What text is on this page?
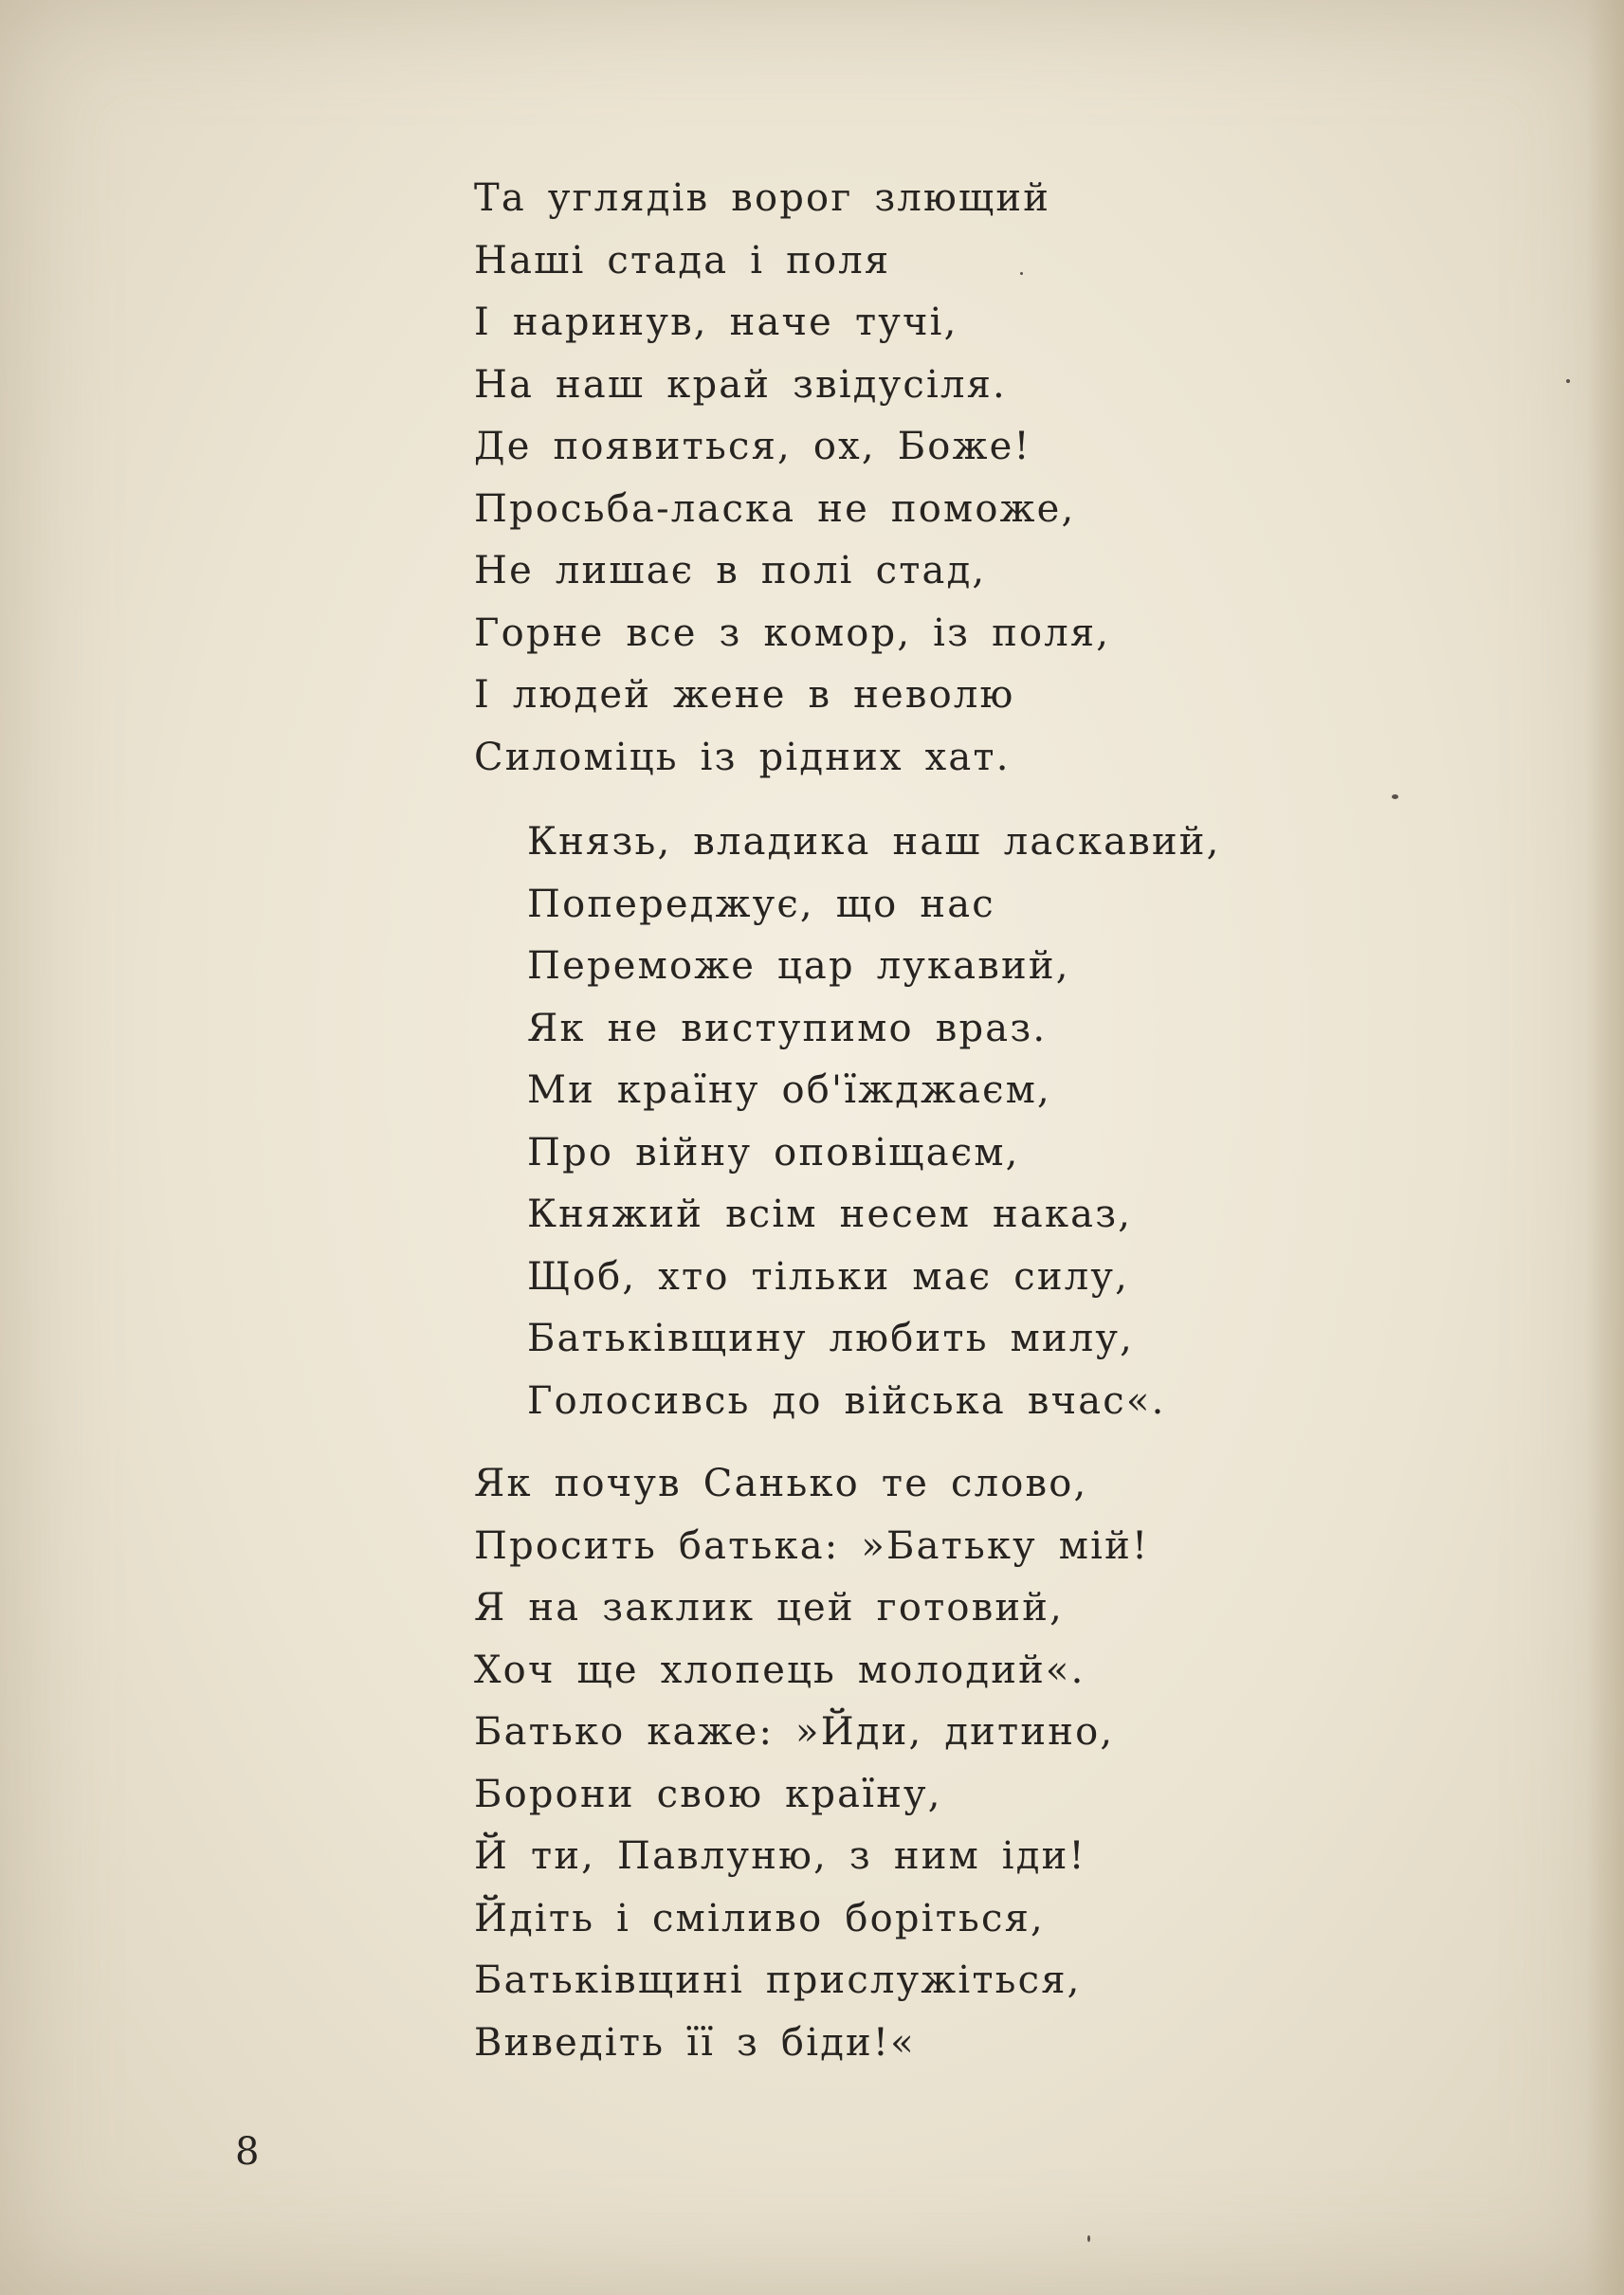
Та углядів ворог злющий
Наші стада і поля
І наринув, наче тучі,
На наш край звідусіля.
Де появиться, ох, Боже!
Просьба-ласка не поможе,
Не лишає в полі стад,
Горне все з комор, із поля,
І людей жене в неволю
Силоміць із рідних хат.
Князь, владика наш ласкавий,
Попереджує, що нас
Переможе цар лукавий,
Як не виступимо враз.
Ми країну об'їжджаєм,
Про війну оповіщаєм,
Княжий всім несем наказ,
Щоб, хто тільки має силу,
Батьківщину любить милу,
Голосивсь до війська вчас«.
Як почув Санько те слово,
Просить батька: »Батьку мій!
Я на заклик цей готовий,
Хоч ще хлопець молодий«.
Батько каже: »Йди, дитино,
Борони свою країну,
Й ти, Павлуню, з ним іди!
Йдіть і сміливо боріться,
Батьківщині прислужіться,
Виведіть її з біди!«

8
